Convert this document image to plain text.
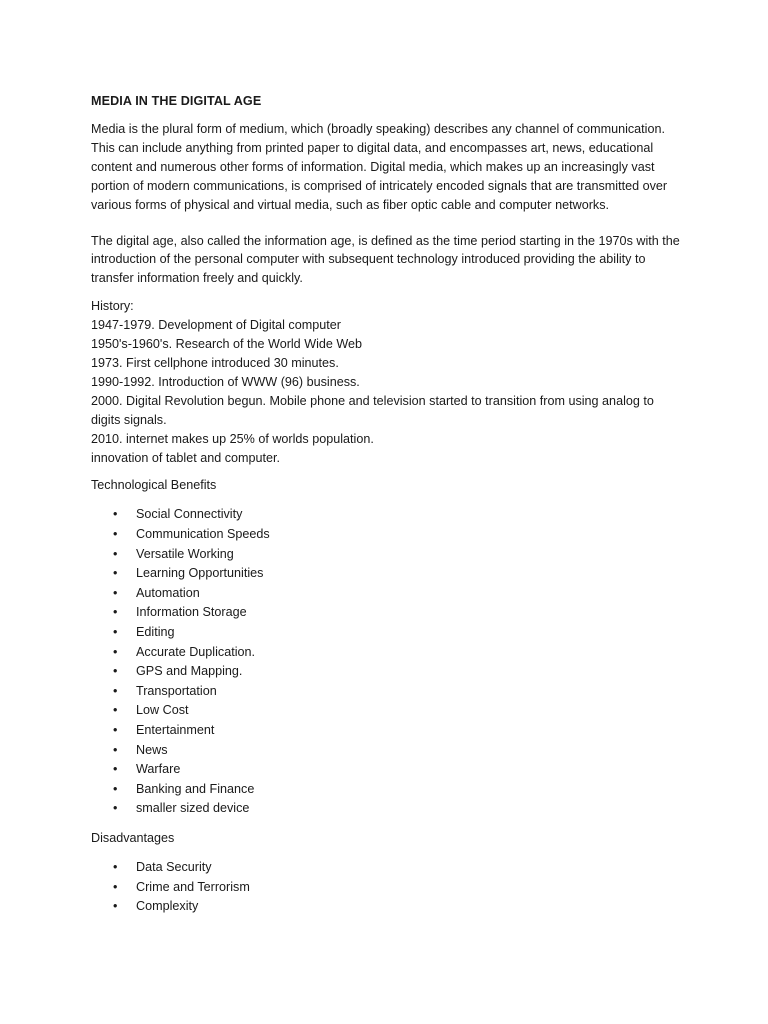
MEDIA IN THE DIGITAL AGE

Media is the plural form of medium, which (broadly speaking) describes any channel of communication. This can include anything from printed paper to digital data, and encompasses art, news, educational content and numerous other forms of information. Digital media, which makes up an increasingly vast portion of modern communications, is comprised of intricately encoded signals that are transmitted over various forms of physical and virtual media, such as fiber optic cable and computer networks.

The digital age, also called the information age, is defined as the time period starting in the 1970s with the introduction of the personal computer with subsequent technology introduced providing the ability to transfer information freely and quickly.

History:
1947-1979. Development of Digital computer
1950's-1960's. Research of the World Wide Web
1973. First cellphone introduced 30 minutes.
1990-1992. Introduction of WWW (96) business.
2000. Digital Revolution begun. Mobile phone and television started to transition from using analog to digits signals.
2010. internet makes up 25% of worlds population.
innovation of tablet and computer.
Technological Benefits
• Social Connectivity
• Communication Speeds
• Versatile Working
• Learning Opportunities
• Automation
• Information Storage
• Editing
• Accurate Duplication.
• GPS and Mapping.
• Transportation
• Low Cost
• Entertainment
• News
• Warfare
• Banking and Finance
• smaller sized device
Disadvantages
• Data Security
• Crime and Terrorism
• Complexity
